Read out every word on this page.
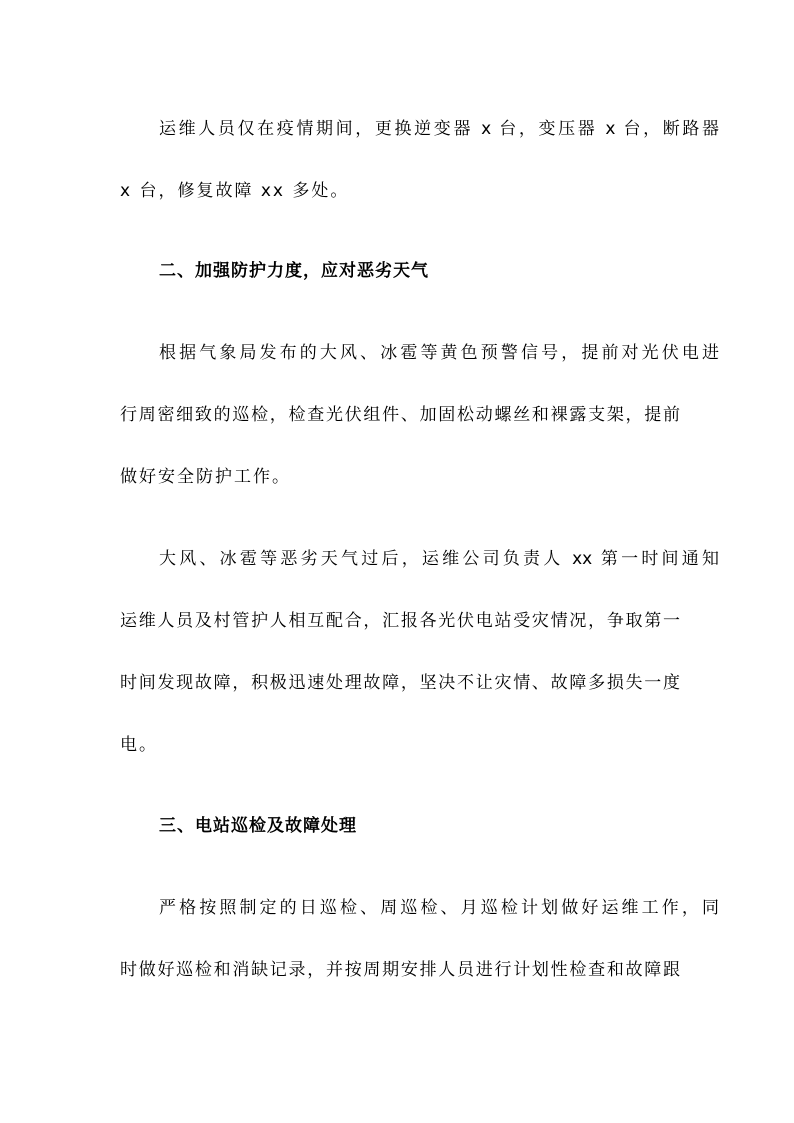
运维人员仅在疫情期间，更换逆变器 x 台，变压器 x 台，断路器
x 台，修复故障 xx 多处。
二、加强防护力度，应对恶劣天气
根据气象局发布的大风、冰雹等黄色预警信号，提前对光伏电进
行周密细致的巡检，检查光伏组件、加固松动螺丝和裸露支架，提前
做好安全防护工作。
大风、冰雹等恶劣天气过后，运维公司负责人 xx 第一时间通知
运维人员及村管护人相互配合，汇报各光伏电站受灾情况，争取第一
时间发现故障，积极迅速处理故障，坚决不让灾情、故障多损失一度
电。
三、电站巡检及故障处理
严格按照制定的日巡检、周巡检、月巡检计划做好运维工作，同
时做好巡检和消缺记录，并按周期安排人员进行计划性检查和故障跟
